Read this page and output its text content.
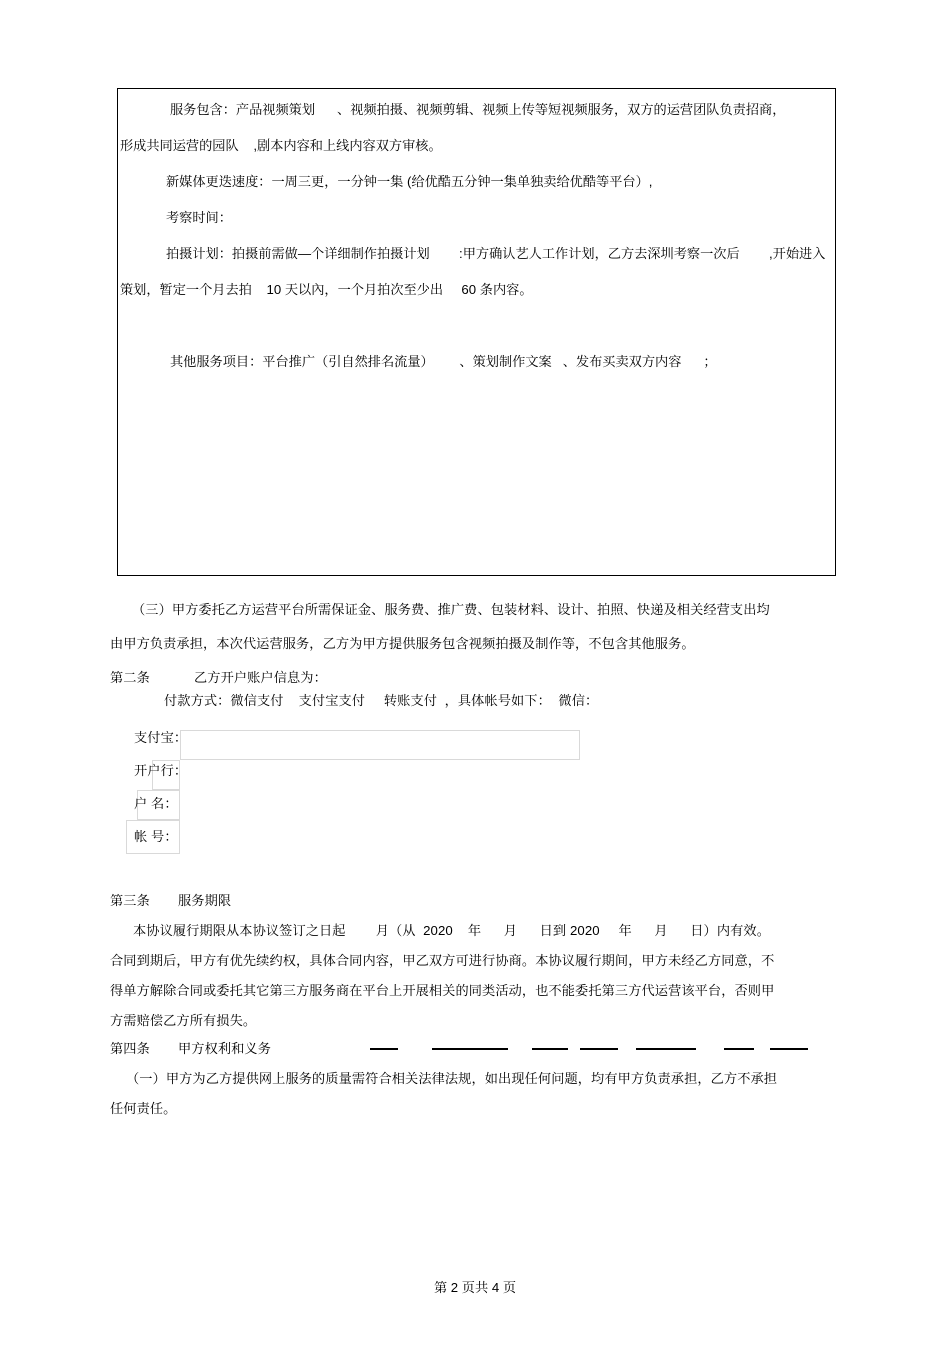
服务包含：产品视频策划      、视频拍摄、视频剪辑、视频上传等短视频服务，双方的运营团队负责招商，
形成共同运营的园队    ,剧本内容和上线内容双方审核。
新媒体更迭速度：一周三更，一分钟一集 (给优酷五分钟一集单独卖给优酷等平台）,
考察时间：
拍摄计划：拍摄前需做—个详细制作拍摄计划        :甲方确认艺人工作计划，乙方去深圳考察一次后        ,开始进入
策划，暂定一个月去拍    10 天以內，一个月拍次至少出     60 条内容。
其他服务项目：平台推广（引自然排名流量）       、策划制作文案   、发布买卖双方内容      ；
（三）甲方委托乙方运营平台所需保证金、服务费、推广费、包装材料、设计、拍照、快递及相关经营支出均
由甲方负责承担，本次代运营服务，乙方为甲方提供服务包含视频拍摄及制作等，不包含其他服务。
第二条	乙方开户账户信息为：
付款方式：微信支付    支付宝支付     转账支付  ，具体帐号如下：  微信：
支付宝：
开户行：
户 名：
帐 号：
第三条 服务期限
本协议履行期限从本协议签订之日起        月（从  2020    年      月      日到 2020     年      月      日）内有效。
合同到期后，甲方有优先续约权，具体合同内容，甲乙双方可进行协商。本协议履行期间，甲方未经乙方同意，不
得单方解除合同或委托其它第三方服务商在平台上开展相关的同类活动，也不能委托第三方代运营该平台，否则甲
方需赔偿乙方所有损失。
第四条 甲方权利和义务
（一）甲方为乙方提供网上服务的质量需符合相关法律法规，如出现任何问题，均有甲方负责承担，乙方不承担
任何责任。
第 2 页共 4 页
